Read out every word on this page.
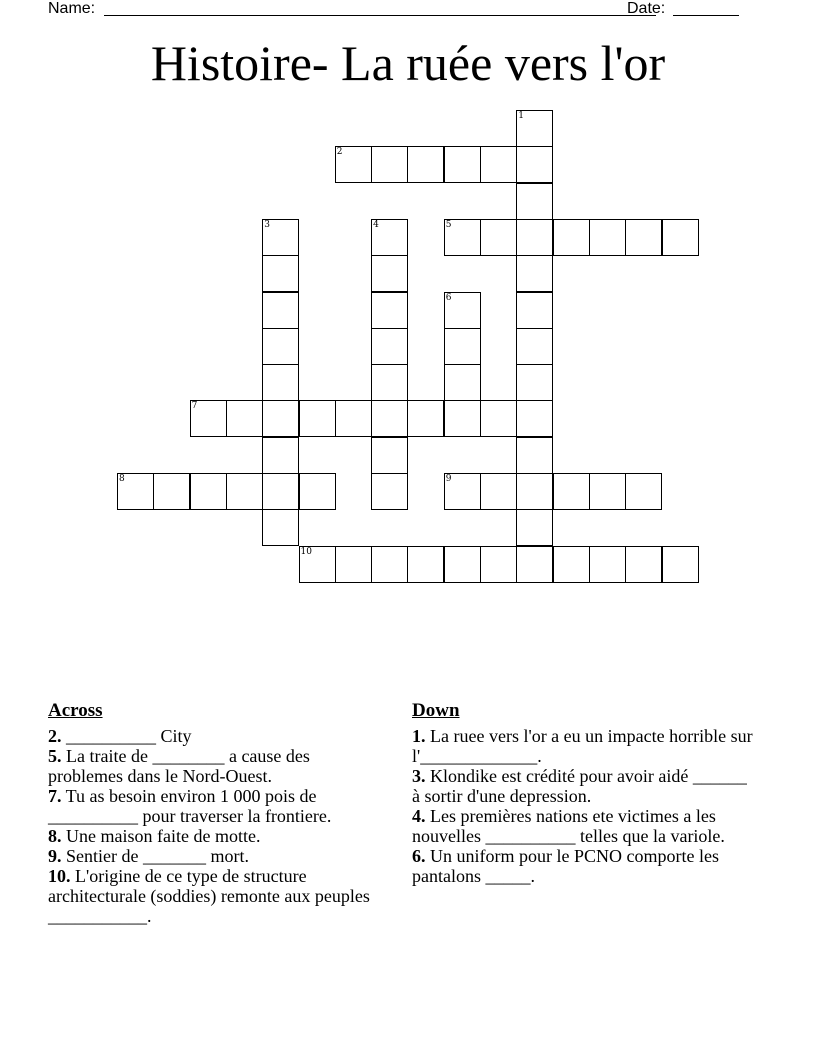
Name:	Date:
Histoire- La ruée vers l'or
1
2
3	4	5
6
7
8	9
10
Across

2. __________ City

5. La traite de ________ a cause des problemes dans le Nord-Ouest.

7. Tu as besoin environ 1 000 pois de __________ pour traverser la frontiere.

8. Une maison faite de motte.

9. Sentier de _______ mort.

10. L'origine de ce type de structure architecturale (soddies) remonte aux peuples ___________.

Down

1. La ruee vers l'or a eu un impacte horrible sur l'_____________.

3. Klondike est crédité pour avoir aidé ______ à sortir d'une depression.

4. Les premières nations ete victimes a les nouvelles __________ telles que la variole.

6. Un uniform pour le PCNO comporte les pantalons _____.
